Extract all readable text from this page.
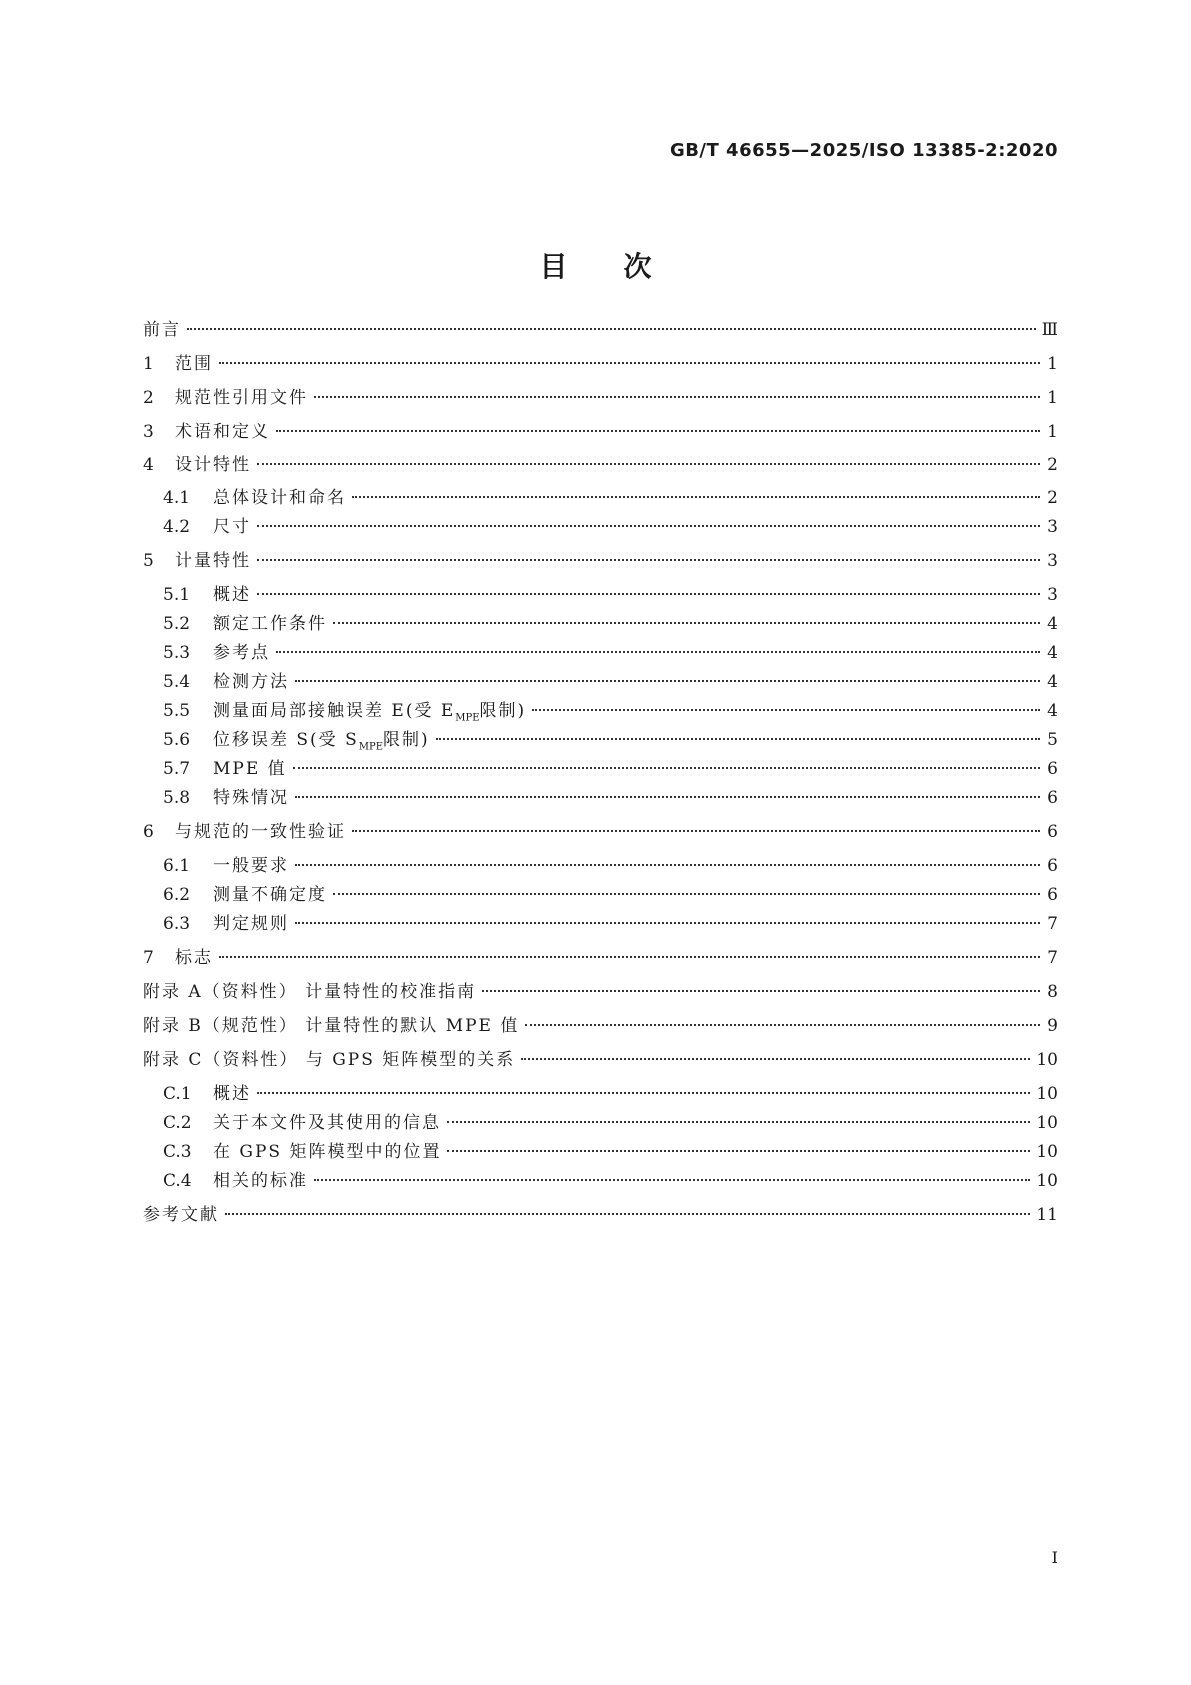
GB/T 46655—2025/ISO 13385-2:2020
目次
前言	Ⅲ
1	范围	1
2	规范性引用文件	1
3	术语和定义	1
4	设计特性	2
4.1	总体设计和命名	2
4.2	尺寸	3
5	计量特性	3
5.1	概述	3
5.2	额定工作条件	4
5.3	参考点	4
5.4	检测方法	4
5.5	测量面局部接触误差 E(受 $E_{MPE}$限制)	4
5.6	位移误差 S(受 $S_{MPE}$限制)	5
5.7	MPE 值	6
5.8	特殊情况	6
6	与规范的一致性验证	6
6.1	一般要求	6
6.2	测量不确定度	6
6.3	判定规则	7
7	标志	7
附录 A（资料性） 计量特性的校准指南	8
附录 B（规范性） 计量特性的默认 MPE 值	9
附录 C（资料性） 与 GPS 矩阵模型的关系	10
C.1	概述	10
C.2	关于本文件及其使用的信息	10
C.3	在 GPS 矩阵模型中的位置	10
C.4	相关的标准	10
参考文献	11
I
